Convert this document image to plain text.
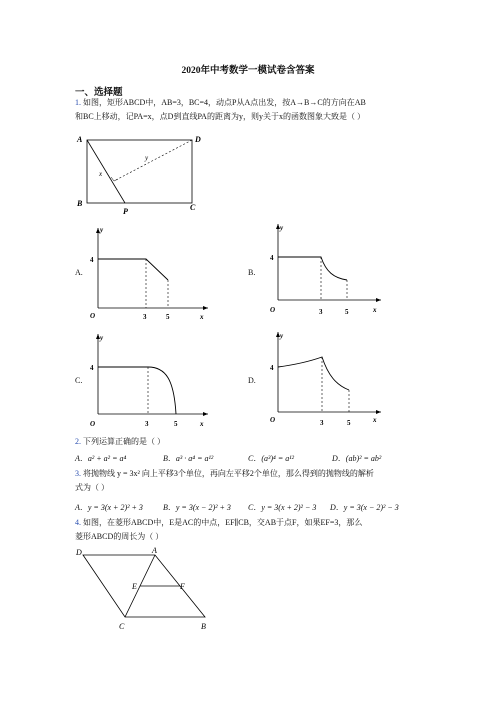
2020年中考数学一模试卷含答案
一、选择题
1. 如图，矩形ABCD中，AB=3，BC=4，动点P从A点出发，按A→B→C的方向在AB
和BC上移动，记PA=x，点D到直线PA的距离为y，则y关于x的函数图象大致是（ ）
A	D
B	C
P
x
y
A.
y
4
O	3	5	x
B.
y
4
O	3	5	x
C.
y
4
O	3	5	x
D.
y
4
O	3	5	x
2. 下列运算正确的是（ ）
A．a² + a² = a⁴	B．a³ · a⁴ = a¹²	C．(a³)⁴ = a¹²	D．(ab)² = ab²
3. 将抛物线 y = 3x² 向上平移3个单位，再向左平移2个单位，那么得到的抛物线的解析
式为（ ）
A．y = 3(x + 2)² + 3	B．y = 3(x − 2)² + 3 C．y = 3(x + 2)² − 3 D．y = 3(x − 2)² − 3
4. 如图，在菱形ABCD中，E是AC的中点，EF∥CB，交AB于点F，如果EF=3，那么
菱形ABCD的周长为（ ）
D	A
E	F
C	B
